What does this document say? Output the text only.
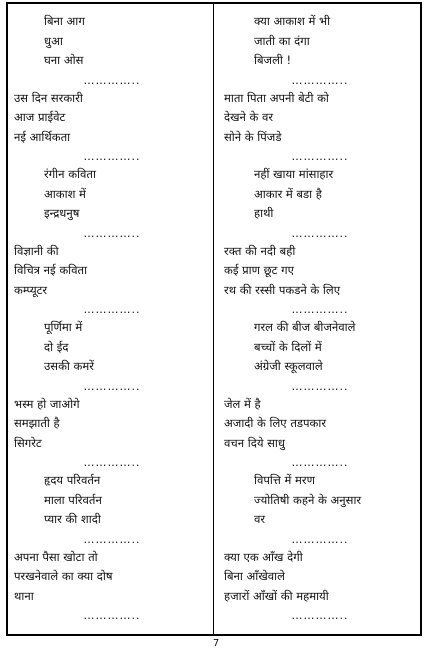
बिना आग
धुआ
घना ओस
…………..
उस दिन सरकारी
आज प्राईवेट
नई आर्थिकता
…………..
रंगीन कविता
आकाश में
इन्द्रधनुष
…………..
विज्ञानी की
विचित्र नई कविता
कम्प्यूटर
…………..
पूर्णिमा में
दो ईद
उसकी कमरें
…………..
भस्म हो जाओगे
समझाती है
सिगरेट
…………..
हृदय परिवर्तन
माला परिवर्तन
प्यार की शादी
…………..
अपना पैसा खोटा तो
परखनेवाले का क्या दोष
थाना
…………..
क्या आकाश में भी
जाती का दंगा
बिजली !
…………..
माता पिता अपनी बेटी को
देखने के वर
सोने के पिंजडे
…………..
नहीं खाया मांसाहार
आकार में बडा है
हाथी
…………..
रक्त की नदी बही
कई प्राण छूट गए
रथ की रस्सी पकडने के लिए
…………..
गरल की बीज बीजनेवाले
बच्चों के दिलों में
अंग्रेजी स्कूलवाले
…………..
जेल में है
अजादी के लिए तडपकार
वचन दिये साधु
…………..
विपत्ति में मरण
ज्योतिषी कहने के अनुसार
वर
…………..
क्या एक आँख देगी
बिना आँखेवाले
हजारों आँखों की महमायी
…………..
7
